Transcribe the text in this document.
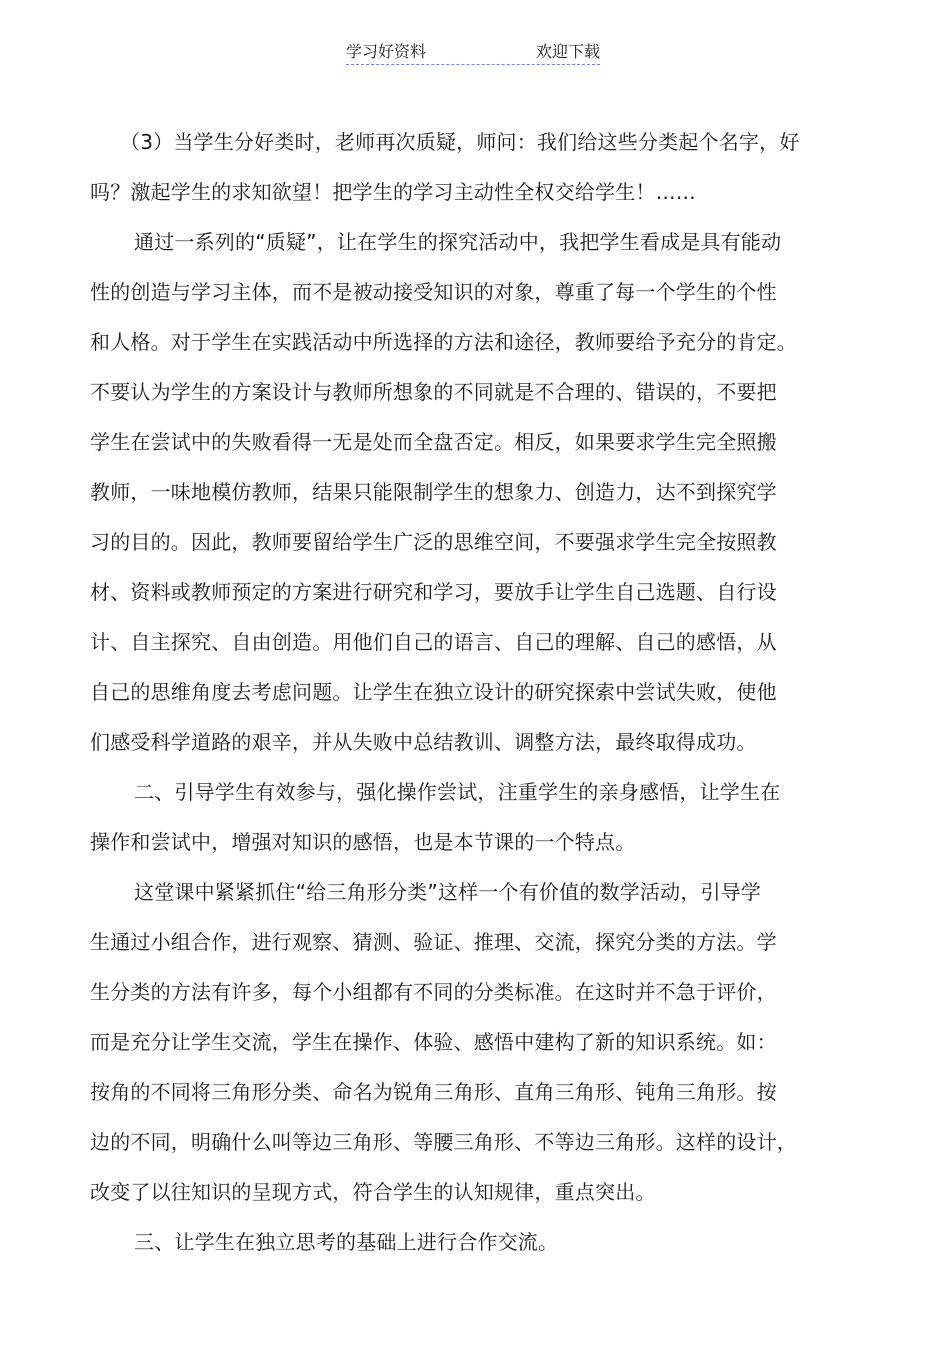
学习好资料	欢迎下载
（3）当学生分好类时，老师再次质疑，师问：我们给这些分类起个名字，好
吗？激起学生的求知欲望！把学生的学习主动性全权交给学生！……
通过一系列的“质疑”，让在学生的探究活动中，我把学生看成是具有能动
性的创造与学习主体，而不是被动接受知识的对象，尊重了每一个学生的个性
和人格。对于学生在实践活动中所选择的方法和途径，教师要给予充分的肯定。
不要认为学生的方案设计与教师所想象的不同就是不合理的、错误的，不要把
学生在尝试中的失败看得一无是处而全盘否定。相反，如果要求学生完全照搬
教师，一味地模仿教师，结果只能限制学生的想象力、创造力，达不到探究学
习的目的。因此，教师要留给学生广泛的思维空间，不要强求学生完全按照教
材、资料或教师预定的方案进行研究和学习，要放手让学生自己选题、自行设
计、自主探究、自由创造。用他们自己的语言、自己的理解、自己的感悟，从
自己的思维角度去考虑问题。让学生在独立设计的研究探索中尝试失败，使他
们感受科学道路的艰辛，并从失败中总结教训、调整方法，最终取得成功。
二、引导学生有效参与，强化操作尝试，注重学生的亲身感悟，让学生在
操作和尝试中，增强对知识的感悟，也是本节课的一个特点。
这堂课中紧紧抓住“给三角形分类”这样一个有价值的数学活动，引导学
生通过小组合作，进行观察、猜测、验证、推理、交流，探究分类的方法。学
生分类的方法有许多，每个小组都有不同的分类标准。在这时并不急于评价，
而是充分让学生交流，学生在操作、体验、感悟中建构了新的知识系统。如：
按角的不同将三角形分类、命名为锐角三角形、直角三角形、钝角三角形。按
边的不同，明确什么叫等边三角形、等腰三角形、不等边三角形。这样的设计，
改变了以往知识的呈现方式，符合学生的认知规律，重点突出。
三、让学生在独立思考的基础上进行合作交流。
